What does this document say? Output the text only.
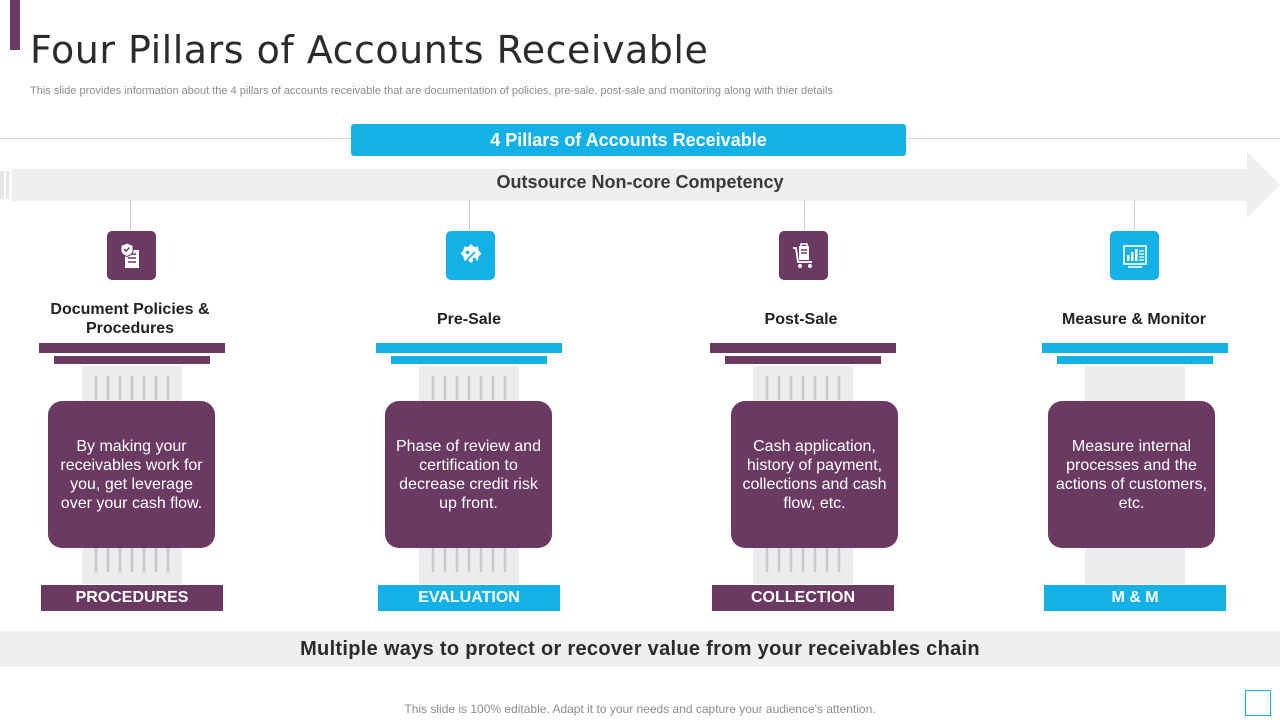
Four Pillars of Accounts Receivable

This slide provides information about the 4 pillars of accounts receivable that are documentation of policies, pre-sale, post-sale and monitoring along with thier details

4 Pillars of Accounts Receivable
Outsource Non-core Competency
Document Policies & Procedures
By making your receivables work for you, get leverage over your cash flow.
PROCEDURES
Pre-Sale
Phase of review and certification to decrease credit risk up front.
EVALUATION
Post-Sale
Cash application, history of payment, collections and cash flow, etc.
COLLECTION
Measure & Monitor
Measure internal processes and the actions of customers, etc.
M & M
Multiple ways to protect or recover value from your receivables chain
This slide is 100% editable. Adapt it to your needs and capture your audience's attention.
